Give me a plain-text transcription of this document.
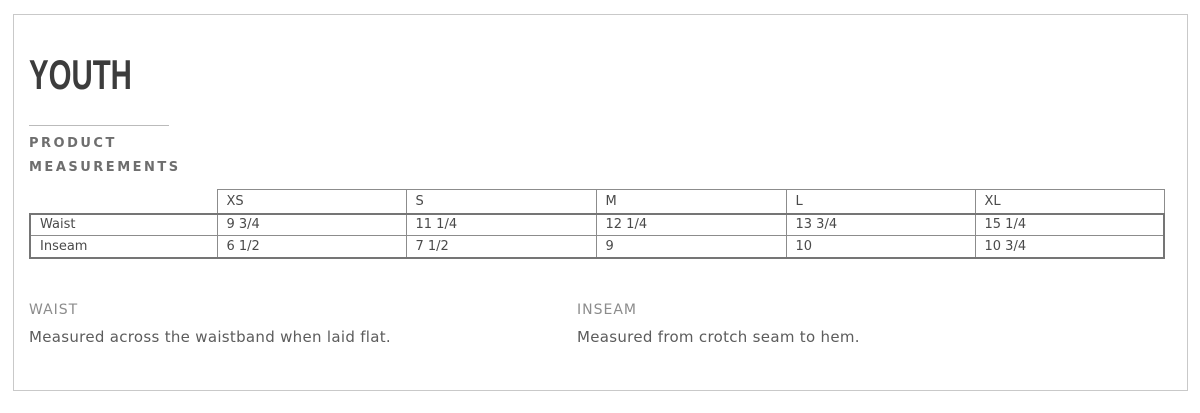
YOUTH
PRODUCT MEASUREMENTS
	XS	S	M	L	XL
Waist	9 3/4	11 1/4	12 1/4	13 3/4	15 1/4
Inseam	6 1/2	7 1/2	9	10	10 3/4
WAIST
Measured across the waistband when laid flat.
INSEAM
Measured from crotch seam to hem.
